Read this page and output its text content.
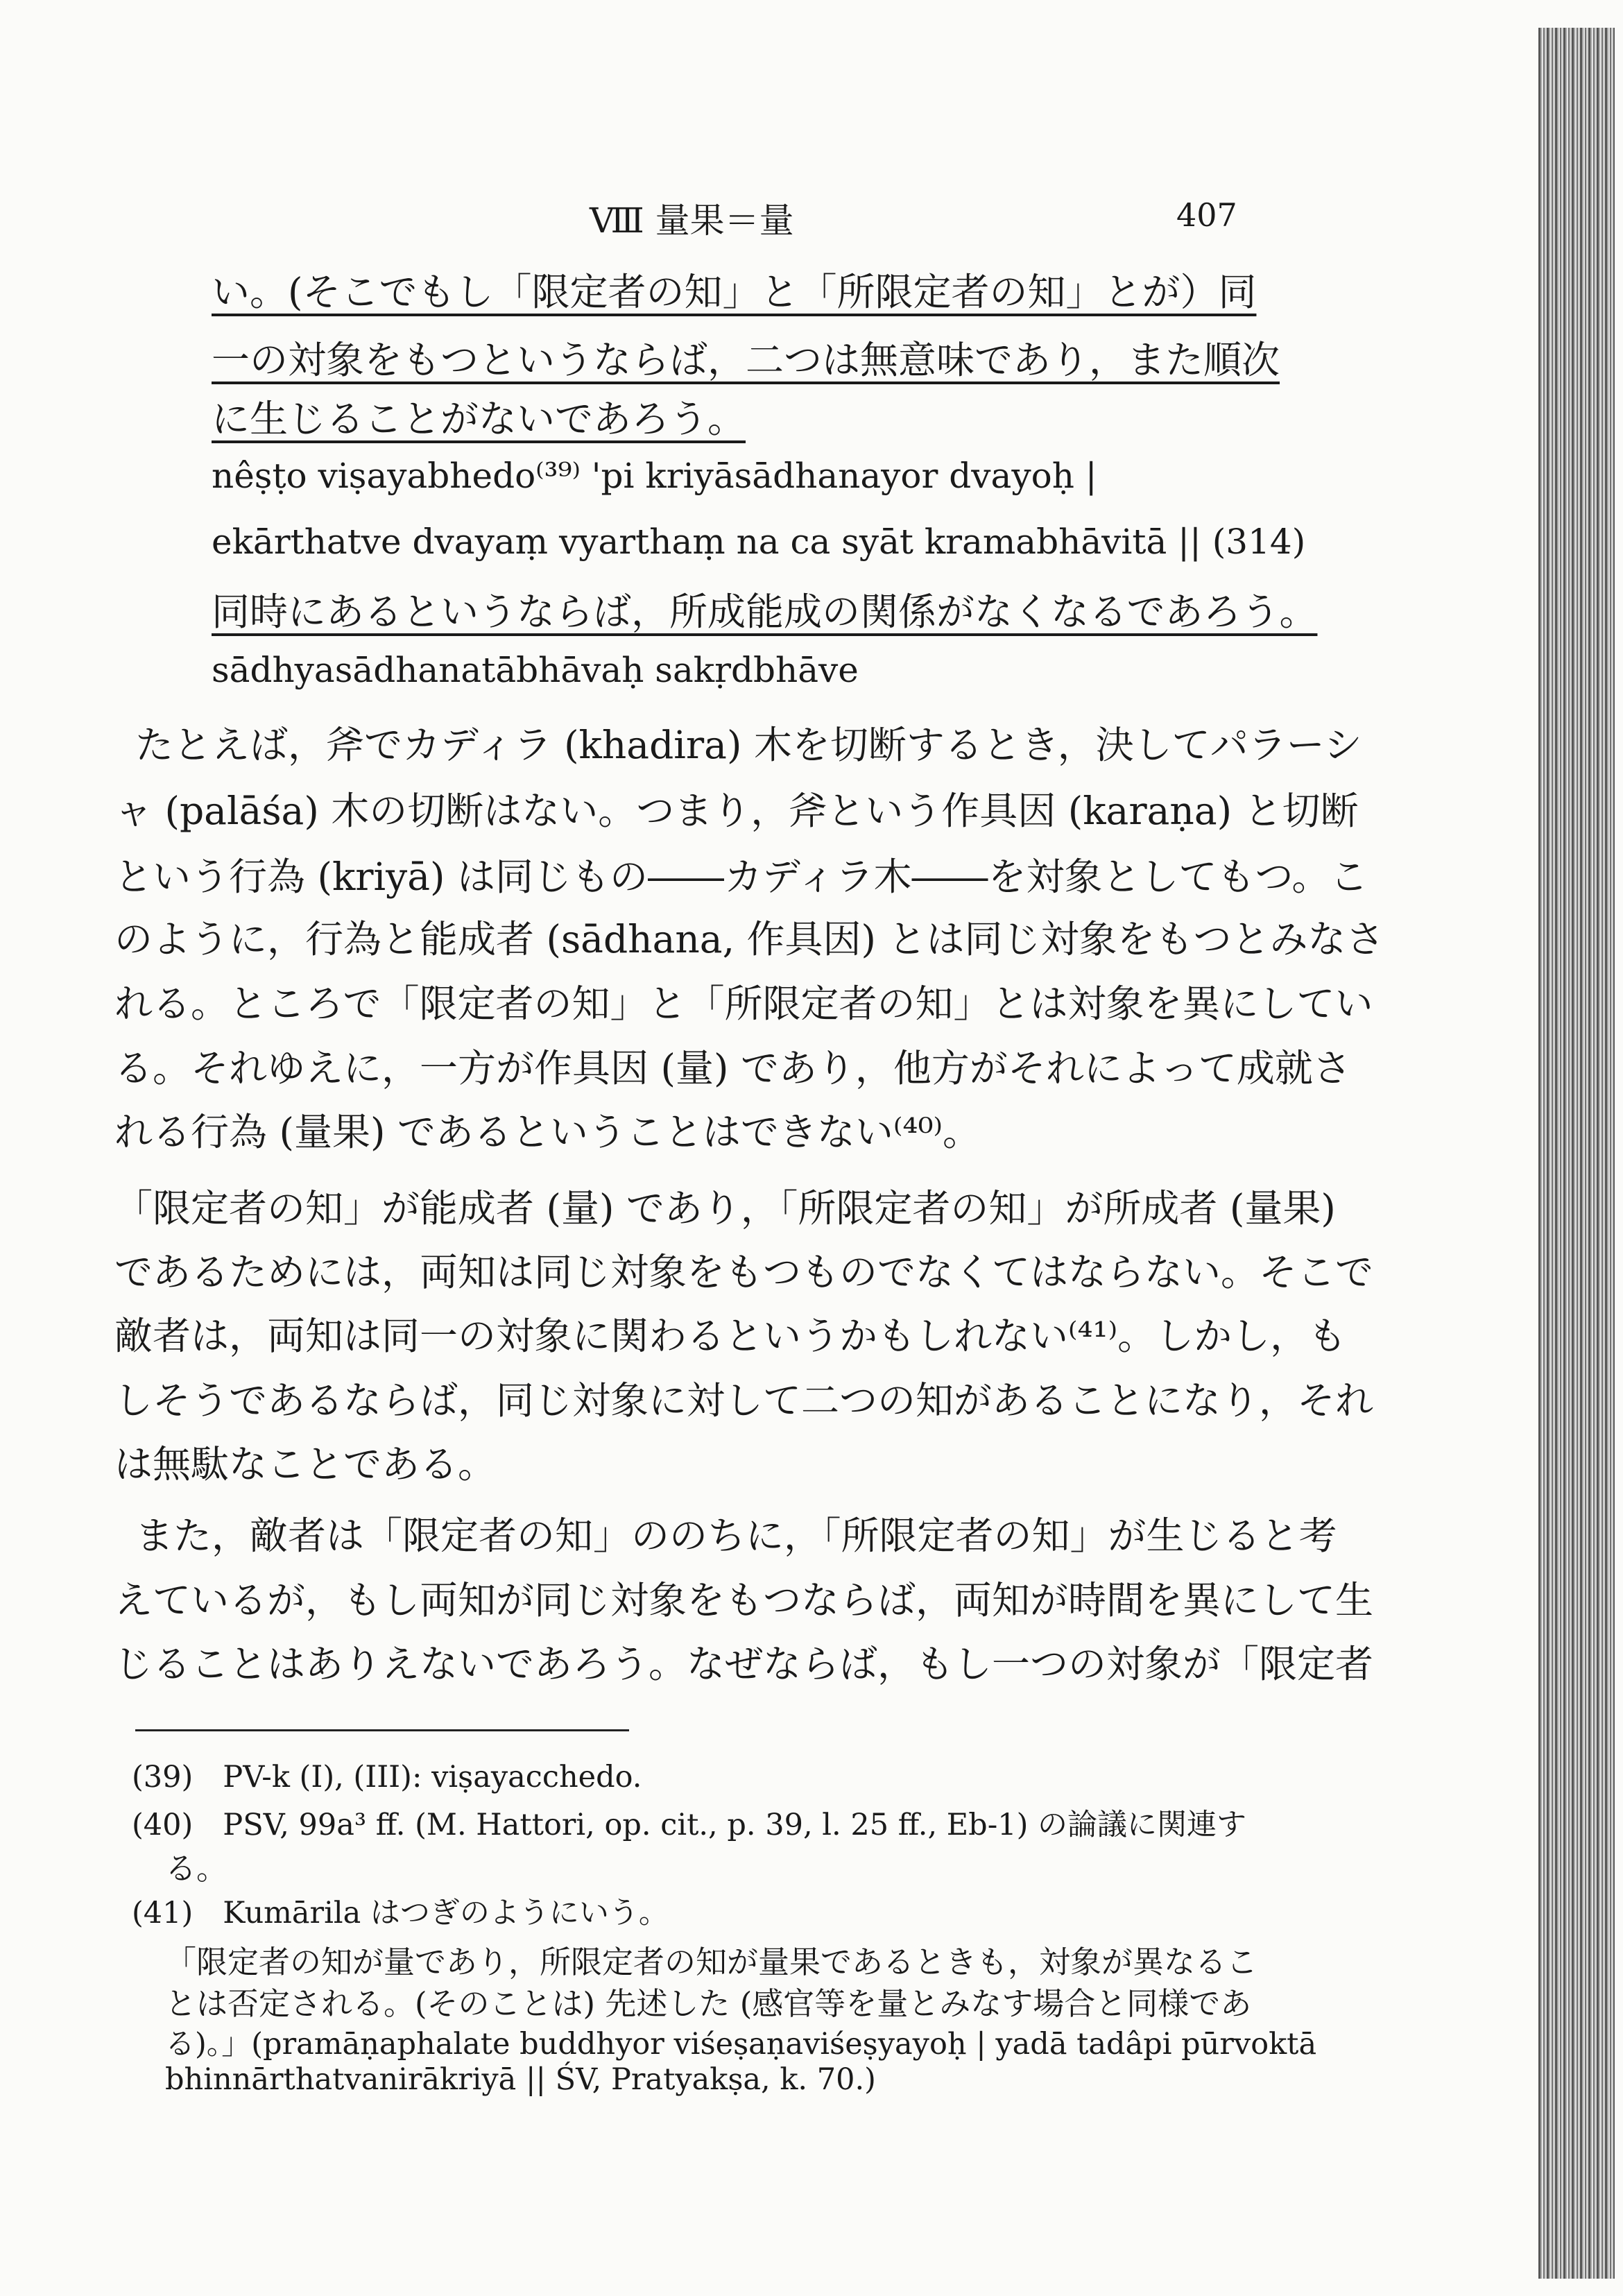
Ⅷ 量果＝量	407
い。(そこでもし「限定者の知」と「所限定者の知」とが）同
一の対象をもつというならば，二つは無意味であり，また順次
に生じることがないであろう。
nêṣṭo viṣayabhedo⁽³⁹⁾ 'pi kriyāsādhanayor dvayoḥ |
ekārthatve dvayaṃ vyarthaṃ na ca syāt kramabhāvitā || (314)
同時にあるというならば，所成能成の関係がなくなるであろう。
sādhyasādhanatābhāvaḥ sakṛdbhāve
たとえば，斧でカディラ (khadira) 木を切断するとき，決してパラーシ
ャ (palāśa) 木の切断はない。つまり，斧という作具因 (karaṇa) と切断
という行為 (kriyā) は同じもの――カディラ木――を対象としてもつ。こ
のように，行為と能成者 (sādhana, 作具因) とは同じ対象をもつとみなさ
れる。ところで「限定者の知」と「所限定者の知」とは対象を異にしてい
る。それゆえに，一方が作具因 (量) であり，他方がそれによって成就さ
れる行為 (量果) であるということはできない⁽⁴⁰⁾。
「限定者の知」が能成者 (量) であり，「所限定者の知」が所成者 (量果)
であるためには，両知は同じ対象をもつものでなくてはならない。そこで
敵者は，両知は同一の対象に関わるというかもしれない⁽⁴¹⁾。しかし，も
しそうであるならば，同じ対象に対して二つの知があることになり，それ
は無駄なことである。
また，敵者は「限定者の知」ののちに，「所限定者の知」が生じると考
えているが，もし両知が同じ対象をもつならば，両知が時間を異にして生
じることはありえないであろう。なぜならば，もし一つの対象が「限定者
(39)　PV-k (I), (III): viṣayacchedo.
(40)　PSV, 99a³ ff. (M. Hattori, op. cit., p. 39, l. 25 ff., Eb-1) の論議に関連す
る。
(41)　Kumārila はつぎのようにいう。
「限定者の知が量であり，所限定者の知が量果であるときも，対象が異なるこ
とは否定される。(そのことは) 先述した (感官等を量とみなす場合と同様であ
る)。」(pramāṇaphalate buddhyor viśeṣaṇaviśeṣyayoḥ | yadā tadâpi pūrvoktā
bhinnārthatvanirākriyā || ŚV, Pratyakṣa, k. 70.)
